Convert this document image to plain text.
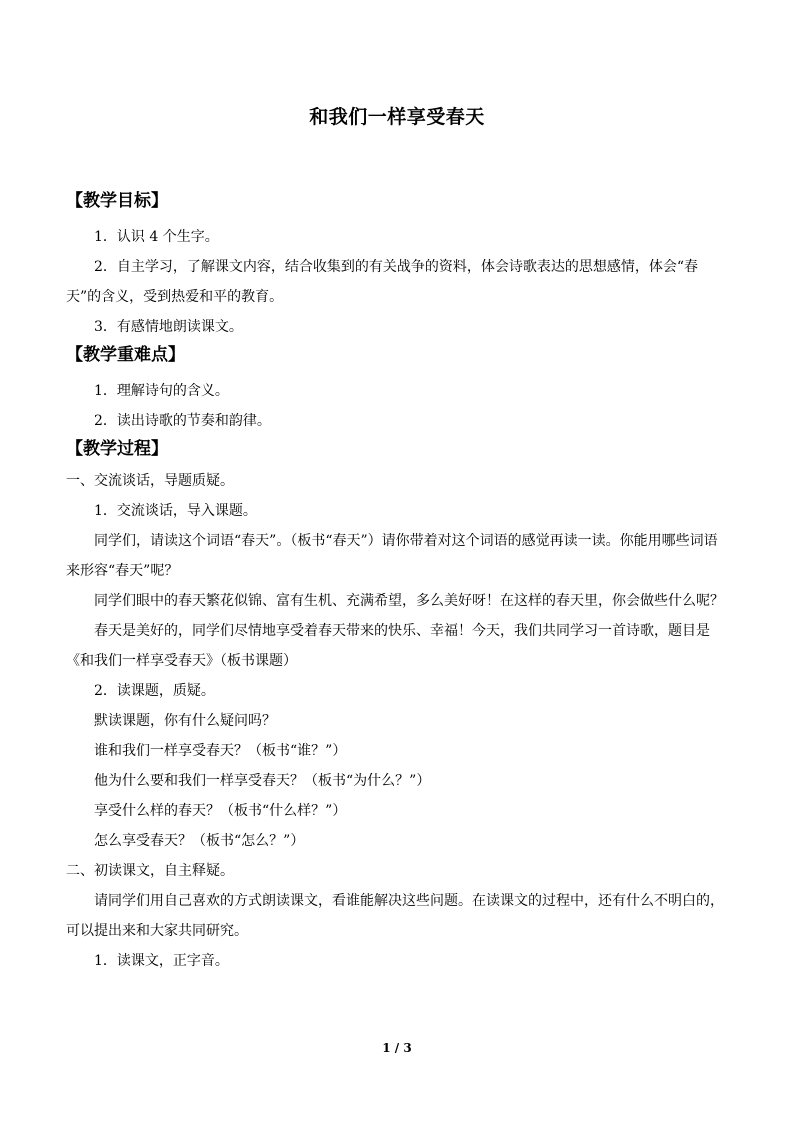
和我们一样享受春天
【教学目标】

1．认识 4 个生字。

2．自主学习，了解课文内容，结合收集到的有关战争的资料，体会诗歌表达的思想感情，体会“春天”的含义，受到热爱和平的教育。

3．有感情地朗读课文。

【教学重难点】

1．理解诗句的含义。

2．读出诗歌的节奏和韵律。

【教学过程】

一、交流谈话，导题质疑。

1．交流谈话，导入课题。

同学们，请读这个词语“春天”。（板书“春天”）请你带着对这个词语的感觉再读一读。你能用哪些词语来形容“春天”呢？

同学们眼中的春天繁花似锦、富有生机、充满希望，多么美好呀！在这样的春天里，你会做些什么呢？

春天是美好的，同学们尽情地享受着春天带来的快乐、幸福！今天，我们共同学习一首诗歌，题目是《和我们一样享受春天》（板书课题）

2．读课题，质疑。

默读课题，你有什么疑问吗？

谁和我们一样享受春天？（板书“谁？”）

他为什么要和我们一样享受春天？（板书“为什么？”）

享受什么样的春天？（板书“什么样？”）

怎么享受春天？（板书“怎么？”）

二、初读课文，自主释疑。

请同学们用自己喜欢的方式朗读课文，看谁能解决这些问题。在读课文的过程中，还有什么不明白的，可以提出来和大家共同研究。

1．读课文，正字音。

1 / 3
